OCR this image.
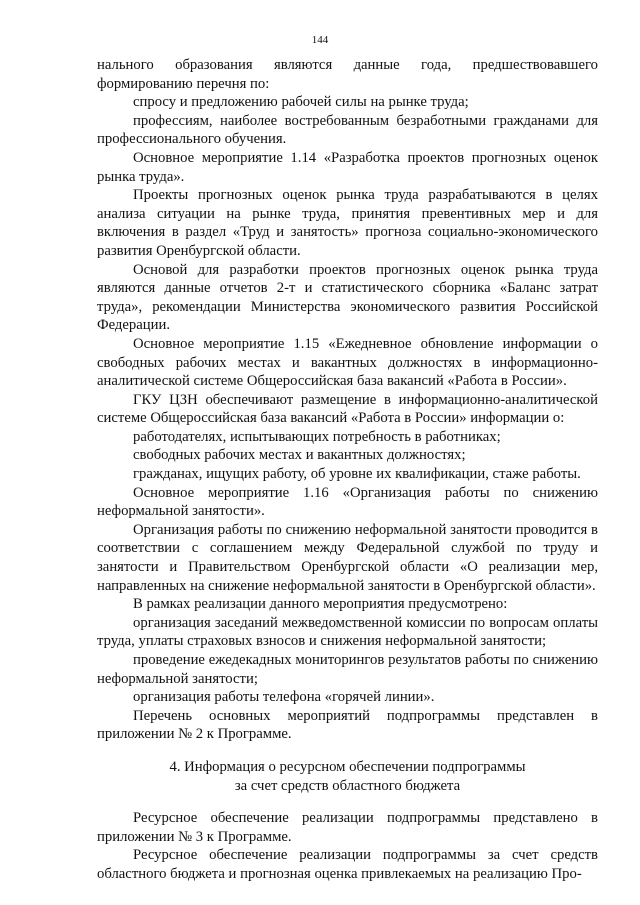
144

нального образования являются данные года, предшествовавшего формированию перечня по:

спросу и предложению рабочей силы на рынке труда;

профессиям, наиболее востребованным безработными гражданами для профессионального обучения.

Основное мероприятие 1.14 «Разработка проектов прогнозных оценок рынка труда».

Проекты прогнозных оценок рынка труда разрабатываются в целях анализа ситуации на рынке труда, принятия превентивных мер и для включения в раздел «Труд и занятость» прогноза социально-экономического развития Оренбургской области.

Основой для разработки проектов прогнозных оценок рынка труда являются данные отчетов 2-т и статистического сборника «Баланс затрат труда», рекомендации Министерства экономического развития Российской Федерации.

Основное мероприятие 1.15 «Ежедневное обновление информации о свободных рабочих местах и вакантных должностях в информационно-аналитической системе Общероссийская база вакансий «Работа в России».

ГКУ ЦЗН обеспечивают размещение в информационно-аналитической системе Общероссийская база вакансий «Работа в России» информации о:

работодателях, испытывающих потребность в работниках;

свободных рабочих местах и вакантных должностях;

гражданах, ищущих работу, об уровне их квалификации, стаже работы.

Основное мероприятие 1.16 «Организация работы по снижению неформальной занятости».

Организация работы по снижению неформальной занятости проводится в соответствии с соглашением между Федеральной службой по труду и занятости и Правительством Оренбургской области «О реализации мер, направленных на снижение неформальной занятости в Оренбургской области».

В рамках реализации данного мероприятия предусмотрено:

организация заседаний межведомственной комиссии по вопросам оплаты труда, уплаты страховых взносов и снижения неформальной занятости;

проведение ежедекадных мониторингов результатов работы по снижению неформальной занятости;

организация работы телефона «горячей линии».

Перечень основных мероприятий подпрограммы представлен в приложении № 2 к Программе.

4. Информация о ресурсном обеспечении подпрограммы
за счет средств областного бюджета

Ресурсное обеспечение реализации подпрограммы представлено в приложении № 3 к Программе.

Ресурсное обеспечение реализации подпрограммы за счет средств областного бюджета и прогнозная оценка привлекаемых на реализацию Про-
